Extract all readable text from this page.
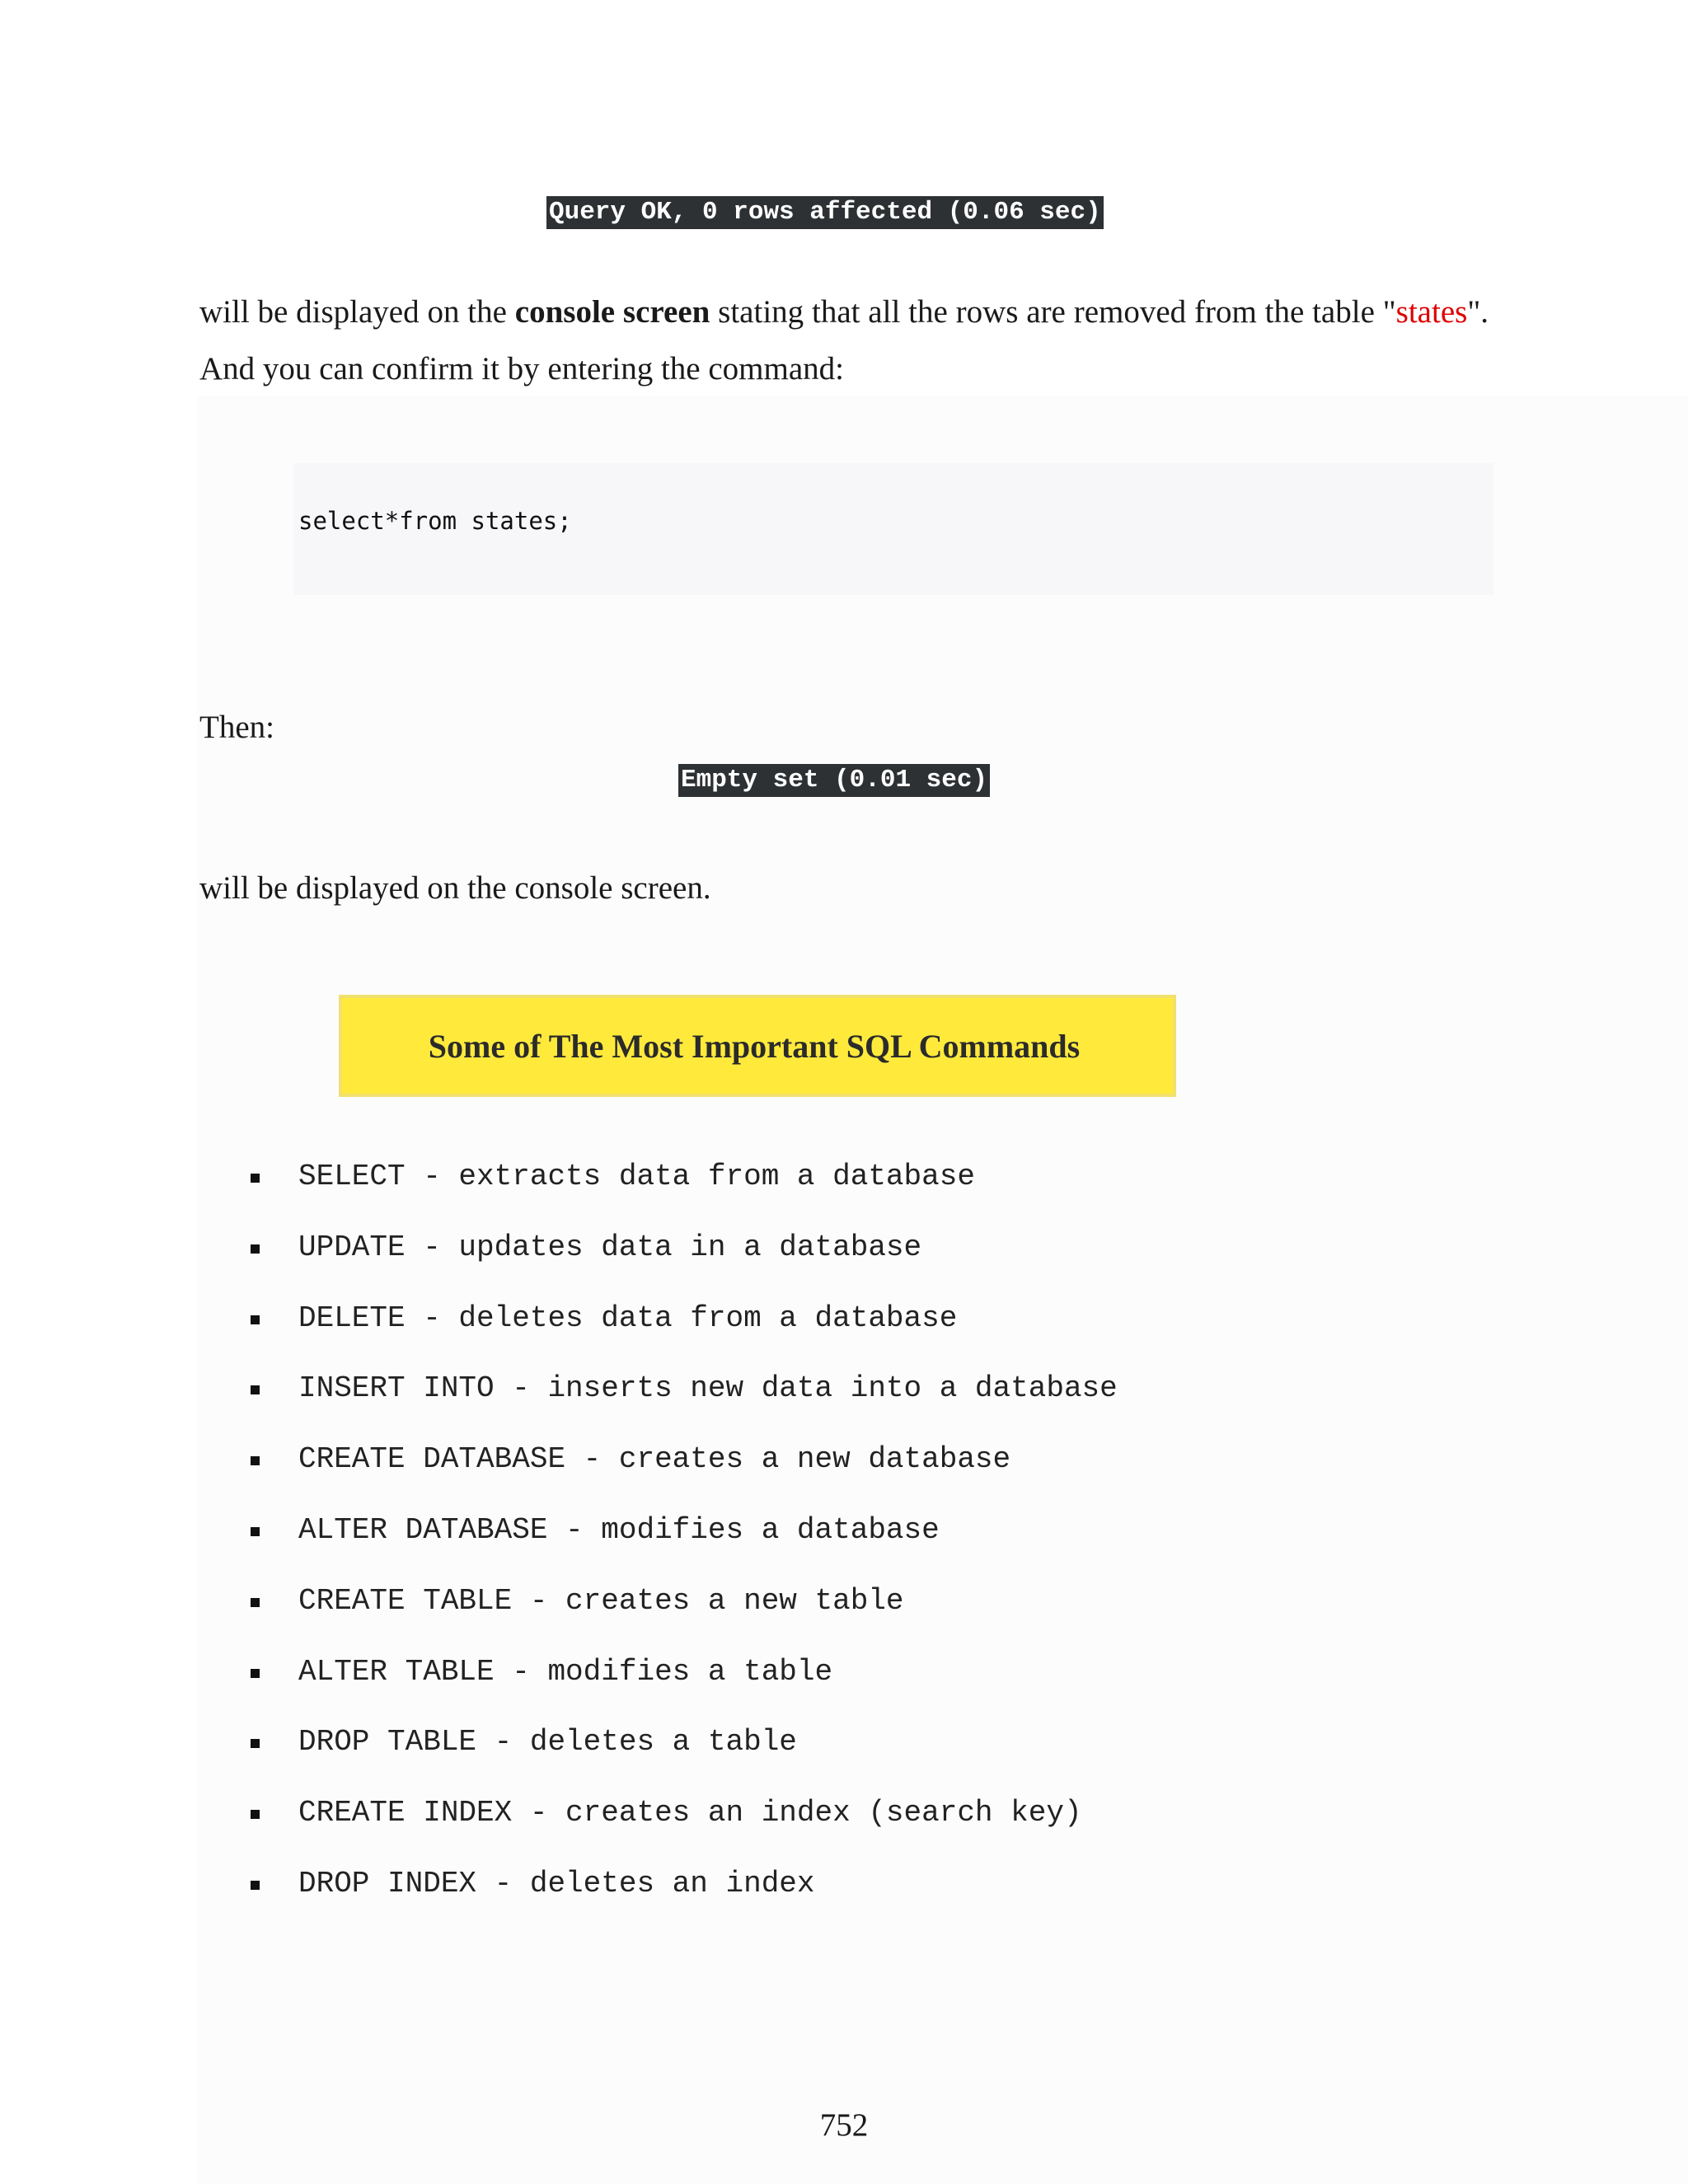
Query OK, 0 rows affected (0.06 sec)

will be displayed on the console screen stating that all the rows are removed from the table "states". And you can confirm it by entering the command:

select*from states;

Then:

Empty set (0.01 sec)

will be displayed on the console screen.

Some of The Most Important SQL Commands
SELECT - extracts data from a database
UPDATE - updates data in a database
DELETE - deletes data from a database
INSERT INTO - inserts new data into a database
CREATE DATABASE - creates a new database
ALTER DATABASE - modifies a database
CREATE TABLE - creates a new table
ALTER TABLE - modifies a table
DROP TABLE - deletes a table
CREATE INDEX - creates an index (search key)
DROP INDEX - deletes an index
752
